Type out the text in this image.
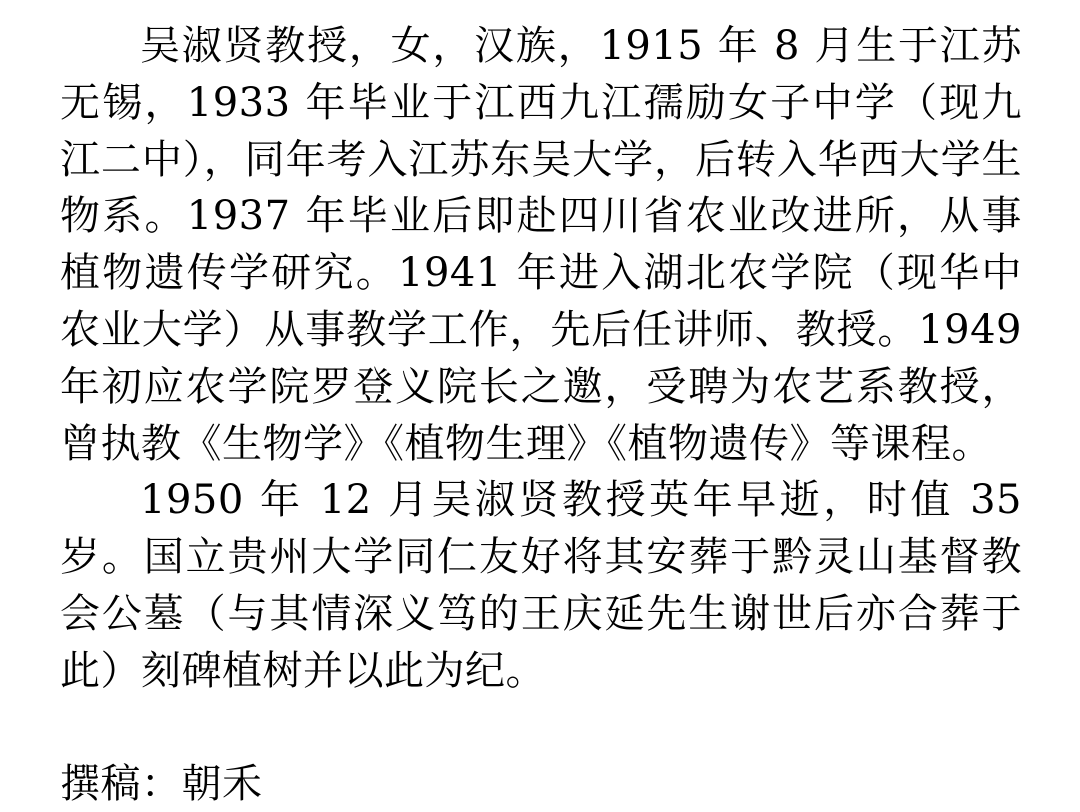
吴淑贤教授，女，汉族，1915 年 8 月生于江苏无锡，1933 年毕业于江西九江孺励女子中学（现九江二中），同年考入江苏东吴大学，后转入华西大学生物系。1937 年毕业后即赴四川省农业改进所，从事植物遗传学研究。1941 年进入湖北农学院（现华中农业大学）从事教学工作，先后任讲师、教授。1949 年初应农学院罗登义院长之邀，受聘为农艺系教授，曾执教《生物学》《植物生理》《植物遗传》等课程。

1950 年 12 月吴淑贤教授英年早逝，时值 35 岁。国立贵州大学同仁友好将其安葬于黔灵山基督教会公墓（与其情深义笃的王庆延先生谢世后亦合葬于此）刻碑植树并以此为纪。

撰稿：朝禾
